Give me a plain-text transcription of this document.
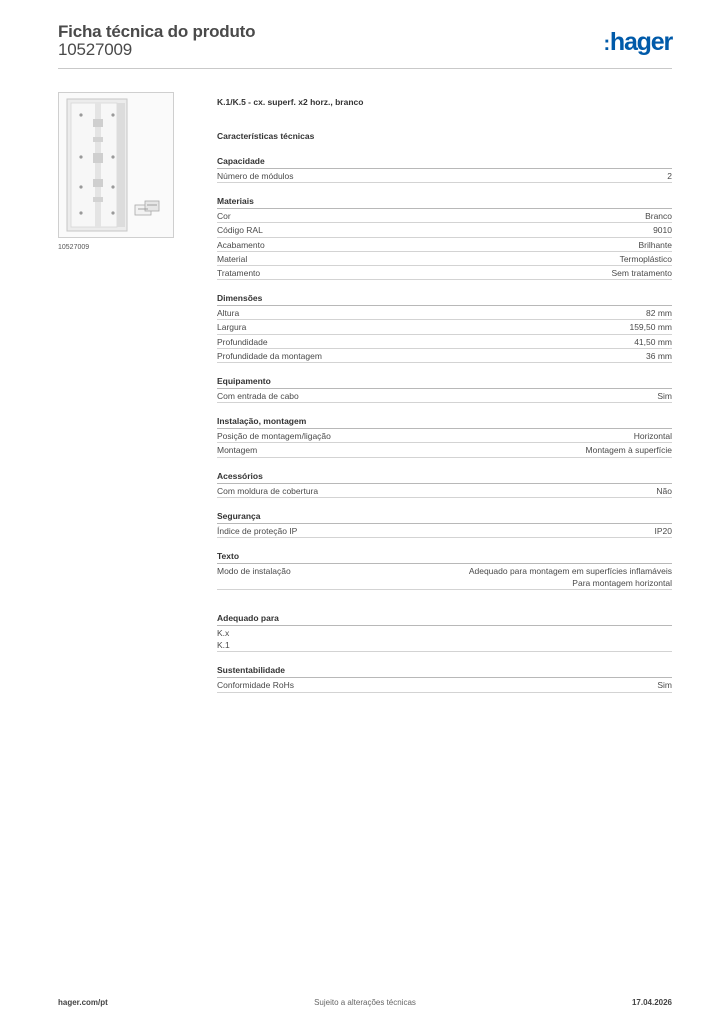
Ficha técnica do produto
10527009	:hager
10527009
K.1/K.5 - cx. superf. x2 horz., branco
Características técnicas
Capacidade
Número de módulos	2
Materiais
Cor	Branco
Código RAL	9010
Acabamento	Brilhante
Material	Termoplástico
Tratamento	Sem tratamento
Dimensões
Altura	82 mm
Largura	159,50 mm
Profundidade	41,50 mm
Profundidade da montagem	36 mm
Equipamento
Com entrada de cabo	Sim
Instalação, montagem
Posição de montagem/ligação	Horizontal
Montagem	Montagem à superfície
Acessórios
Com moldura de cobertura	Não
Segurança
Índice de proteção IP	IP20
Texto
Modo de instalação	Adequado para montagem em superfícies inflamáveis
Para montagem horizontal
Adequado para
K.x
K.1
Sustentabilidade
Conformidade RoHs	Sim
Sujeito a alterações técnicas
hager.com/pt	17.04.2026
